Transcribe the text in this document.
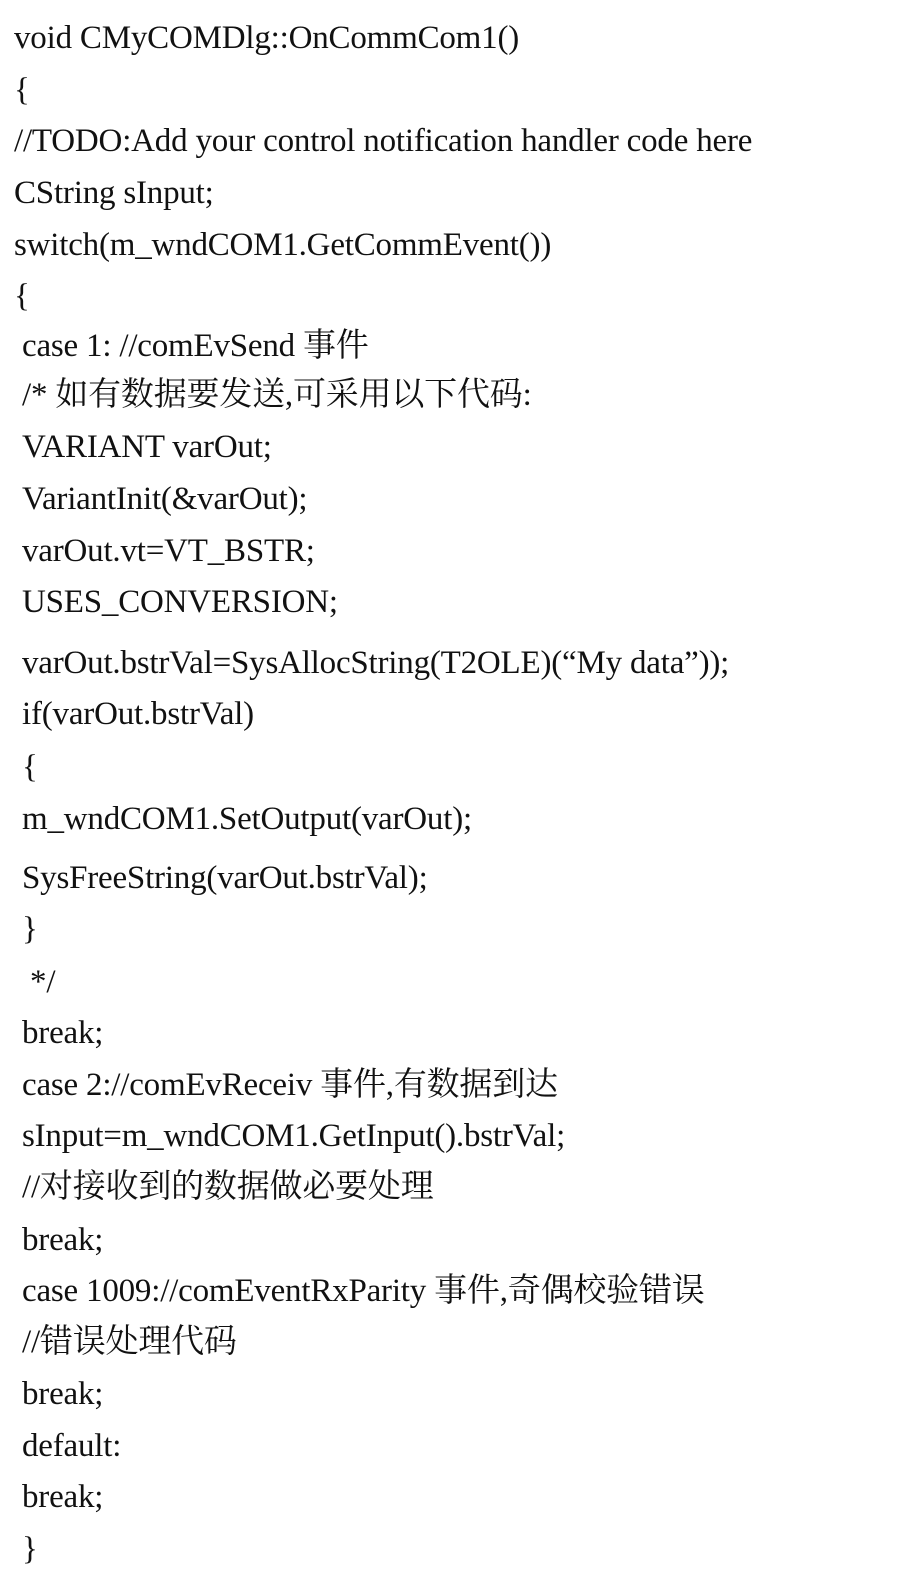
void CMyCOMDlg::OnCommCom1()
{
//TODO:Add your control notification handler code here
CString sInput;
switch(m_wndCOM1.GetCommEvent())
{
case 1: //comEvSend 事件
/* 如有数据要发送,可采用以下代码:
VARIANT varOut;
VariantInit(&varOut);
varOut.vt=VT_BSTR;
USES_CONVERSION;
varOut.bstrVal=SysAllocString(T2OLE)(“My data”));
if(varOut.bstrVal)
{
m_wndCOM1.SetOutput(varOut);
SysFreeString(varOut.bstrVal);
}
*/
break;
case 2://comEvReceiv 事件,有数据到达
sInput=m_wndCOM1.GetInput().bstrVal;
//对接收到的数据做必要处理
break;
case 1009://comEventRxParity 事件,奇偶校验错误
//错误处理代码
break;
default:
break;
}
